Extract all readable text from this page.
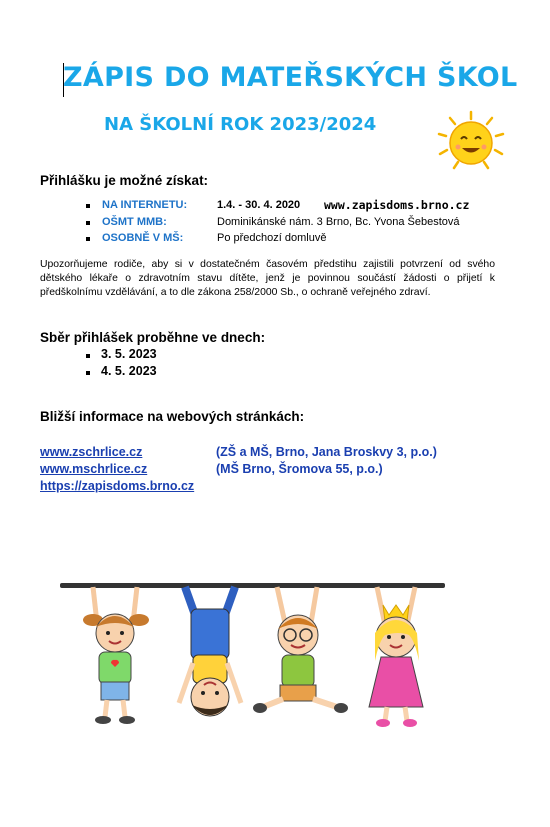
ZÁPIS DO MATEŘSKÝCH ŠKOL
NA ŠKOLNÍ ROK 2023/2024
Přihlášku je možné získat:
NA INTERNETU:	1.4. - 30. 4. 2020 www.zapisdoms.brno.cz
OŠMT MMB:	Dominikánské nám. 3 Brno, Bc. Yvona Šebestová
OSOBNĚ V MŠ:	Po předchozí domluvě
Upozorňujeme rodiče, aby si v dostatečném časovém předstihu zajistili potvrzení od svého dětského lékaře o zdravotním stavu dítěte, jenž je povinnou součástí žádosti o přijetí k předškolnímu vzdělávání, a to dle zákona 258/2000 Sb., o ochraně veřejného zdraví.
Sběr přihlášek proběhne ve dnech:
3. 5. 2023
4. 5. 2023
Bližší informace na webových stránkách:
www.zschrlice.cz	(ZŠ a MŠ, Brno, Jana Broskvy 3, p.o.)
www.mschrlice.cz	(MŠ Brno, Šromova 55, p.o.)
https://zapisdoms.brno.cz
